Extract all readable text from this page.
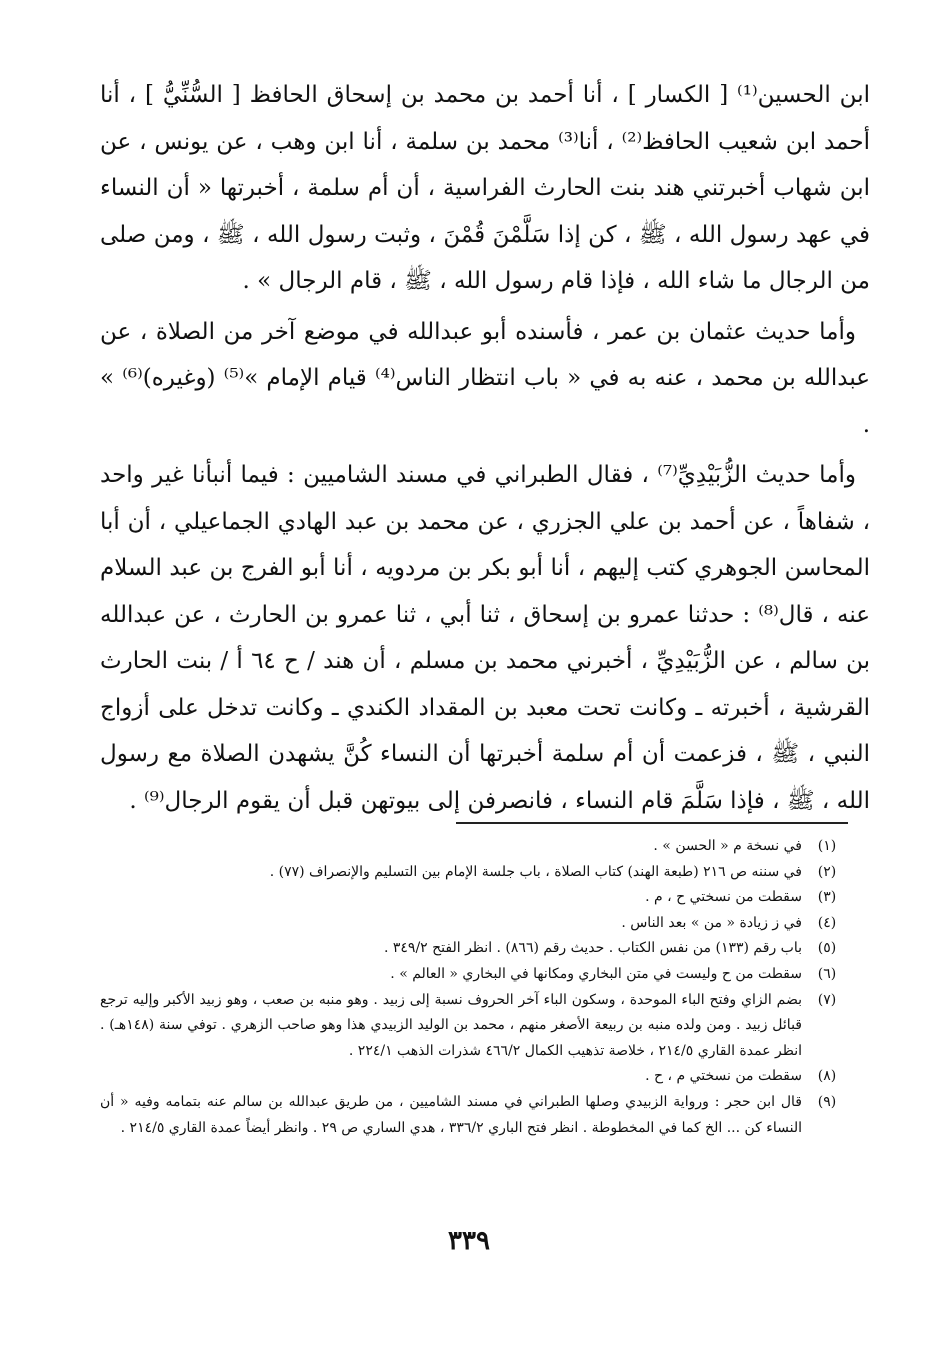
ابن الحسين⁽¹⁾ [ الكسار ] ، أنا أحمد بن محمد بن إسحاق الحافظ [ السُّنِّيُّ ] ، أنا أحمد ابن شعيب الحافظ⁽²⁾ ، أنا⁽³⁾ محمد بن سلمة ، أنا ابن وهب ، عن يونس ، عن ابن شهاب أخبرتني هند بنت الحارث الفراسية ، أن أم سلمة ، أخبرتها « أن النساء في عهد رسول الله ، ﷺ ، كن إذا سَلَّمْنَ قُمْنَ ، وثبت رسول الله ، ﷺ ، ومن صلى من الرجال ما شاء الله ، فإذا قام رسول الله ، ﷺ ، قام الرجال » .

وأما حديث عثمان بن عمر ، فأسنده أبو عبدالله في موضع آخر من الصلاة ، عن عبدالله بن محمد ، عنه به في « باب انتظار الناس⁽⁴⁾ قيام الإمام »⁽⁵⁾ (وغيره)⁽⁶⁾ » .

وأما حديث الزُّبَيْدِيِّ⁽⁷⁾ ، فقال الطبراني في مسند الشاميين : فيما أنبأنا غير واحد ، شفاهاً ، عن أحمد بن علي الجزري ، عن محمد بن عبد الهادي الجماعيلي ، أن أبا المحاسن الجوهري كتب إليهم ، أنا أبو بكر بن مردويه ، أنا أبو الفرج بن عبد السلام عنه ، قال⁽⁸⁾ : حدثنا عمرو بن إسحاق ، ثنا أبي ، ثنا عمرو بن الحارث ، عن عبدالله بن سالم ، عن الزُّبَيْدِيِّ ، أخبرني محمد بن مسلم ، أن هند / ح ٦٤ أ / بنت الحارث القرشية ، أخبرته ـ وكانت تحت معبد بن المقداد الكندي ـ وكانت تدخل على أزواج النبي ، ﷺ ، فزعمت أن أم سلمة أخبرتها أن النساء كُنَّ يشهدن الصلاة مع رسول الله ، ﷺ ، فإذا سَلَّمَ قام النساء ، فانصرفن إلى بيوتهن قبل أن يقوم الرجال⁽⁹⁾ .

(١)
في نسخة م « الحسن » .
(٢)
في سننه ص ٢١٦ (طبعة الهند) كتاب الصلاة ، باب جلسة الإمام بين التسليم والإنصراف (٧٧) .
(٣)
سقطت من نسختي ح ، م .
(٤)
في ز زيادة « من » بعد الناس .
(٥)
باب رقم (١٣٣) من نفس الكتاب . حديث رقم (٨٦٦) . انظر الفتح ٣٤٩/٢ .
(٦)
سقطت من ح وليست في متن البخاري ومكانها في البخاري « العالم » .
(٧)
بضم الزاي وفتح الباء الموحدة ، وسكون الباء آخر الحروف نسبة إلى زبيد . وهو منبه بن صعب ، وهو زبيد الأكبر وإليه ترجع قبائل زبيد . ومن ولده منبه بن ربيعة الأصغر منهم ، محمد بن الوليد الزبيدي هذا وهو صاحب الزهري . توفي سنة (١٤٨هـ) . انظر عمدة القاري ٢١٤/٥ ، خلاصة تذهيب الكمال ٤٦٦/٢ شذرات الذهب ٢٢٤/١ .
(٨)
سقطت من نسختي م ، ح .
(٩)
قال ابن حجر : ورواية الزبيدي وصلها الطبراني في مسند الشاميين ، من طريق عبدالله بن سالم عنه بتمامه وفيه « أن النساء كن ... الخ كما في المخطوطة . انظر فتح الباري ٣٣٦/٢ ، هدي الساري ص ٢٩ . وانظر أيضاً عمدة القاري ٢١٤/٥ .
٣٣٩
